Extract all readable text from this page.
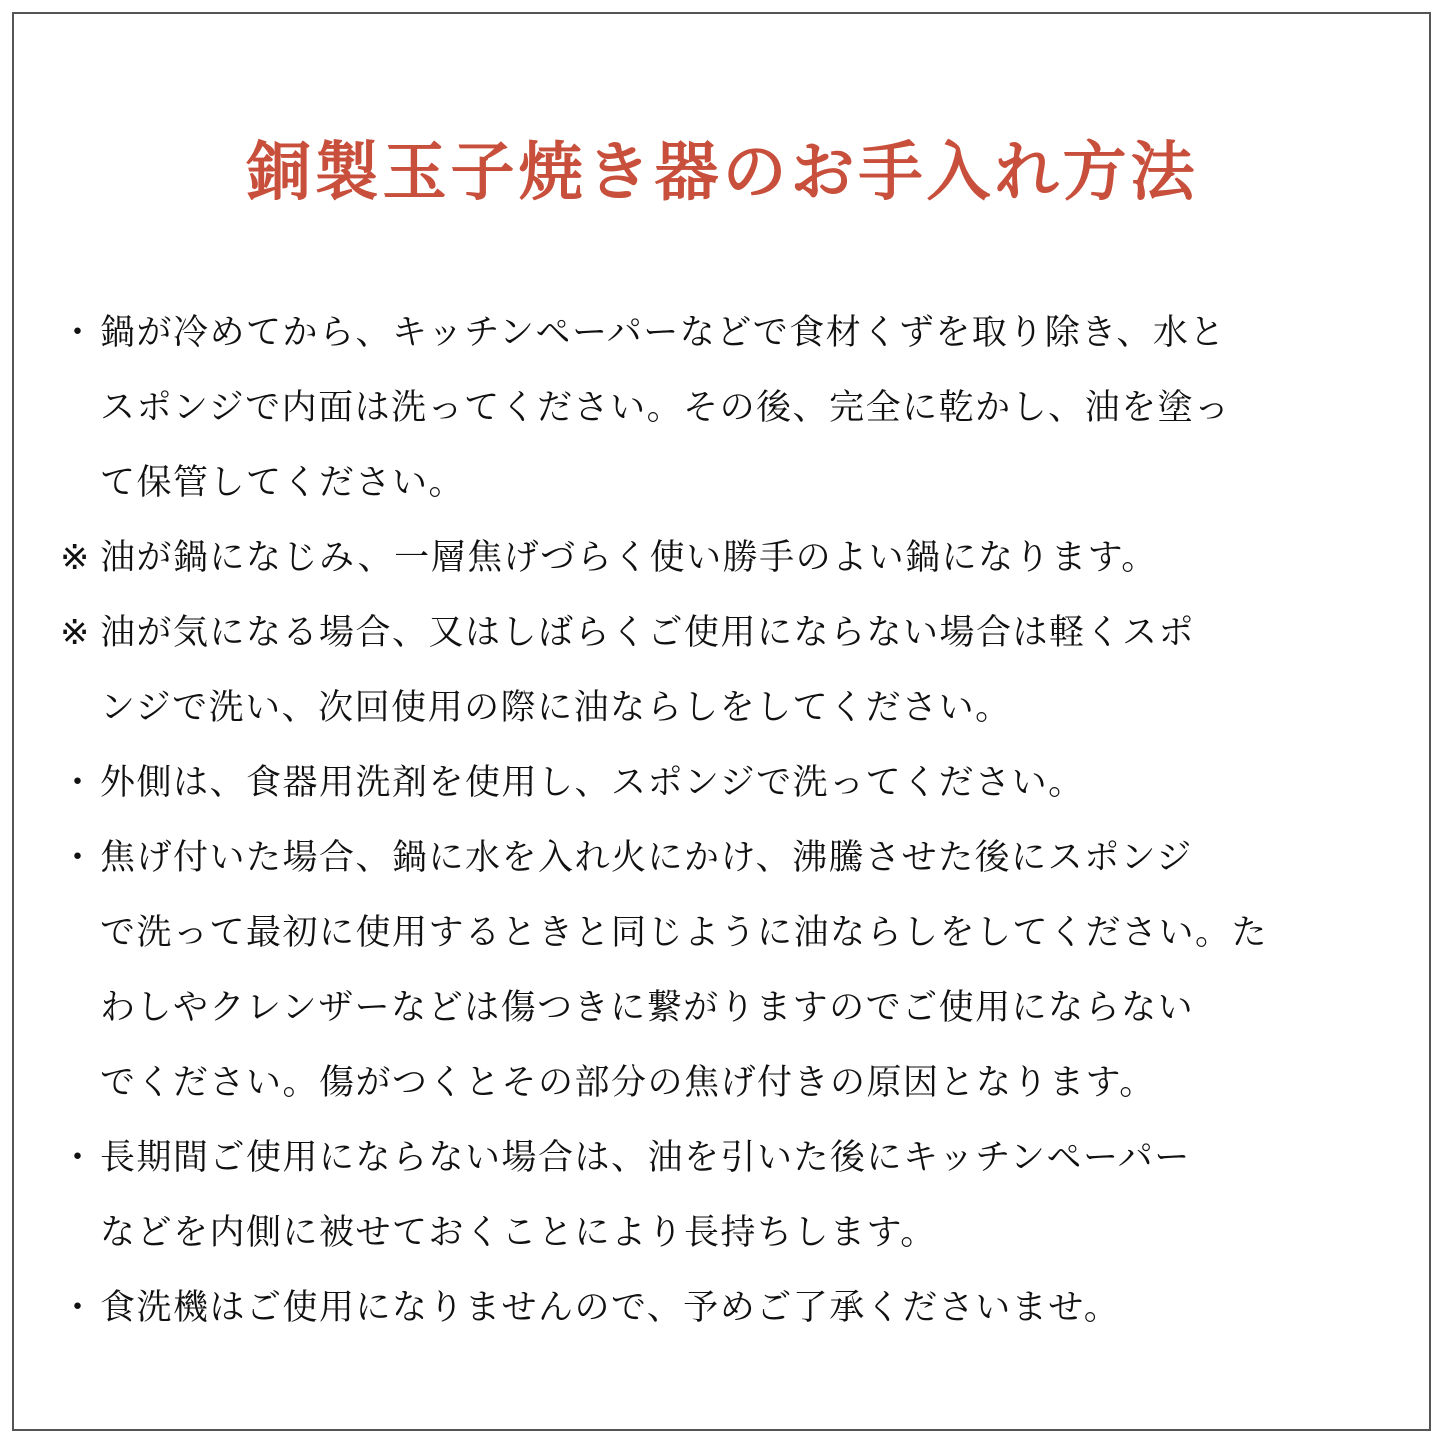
銅製玉子焼き器のお手入れ方法
・ 鍋が冷めてから、キッチンペーパーなどで食材くずを取り除き、水と
スポンジで内面は洗ってください。その後、完全に乾かし、油を塗っ
て保管してください。
※ 油が鍋になじみ、一層焦げづらく使い勝手のよい鍋になります。
※ 油が気になる場合、又はしばらくご使用にならない場合は軽くスポ
ンジで洗い、次回使用の際に油ならしをしてください。
・ 外側は、食器用洗剤を使用し、スポンジで洗ってください。
・ 焦げ付いた場合、鍋に水を入れ火にかけ、沸騰させた後にスポンジ
で洗って最初に使用するときと同じように油ならしをしてください。た
わしやクレンザーなどは傷つきに繋がりますのでご使用にならない
でください。傷がつくとその部分の焦げ付きの原因となります。
・ 長期間ご使用にならない場合は、油を引いた後にキッチンペーパー
などを内側に被せておくことにより長持ちします。
・ 食洗機はご使用になりませんので、予めご了承くださいませ。
